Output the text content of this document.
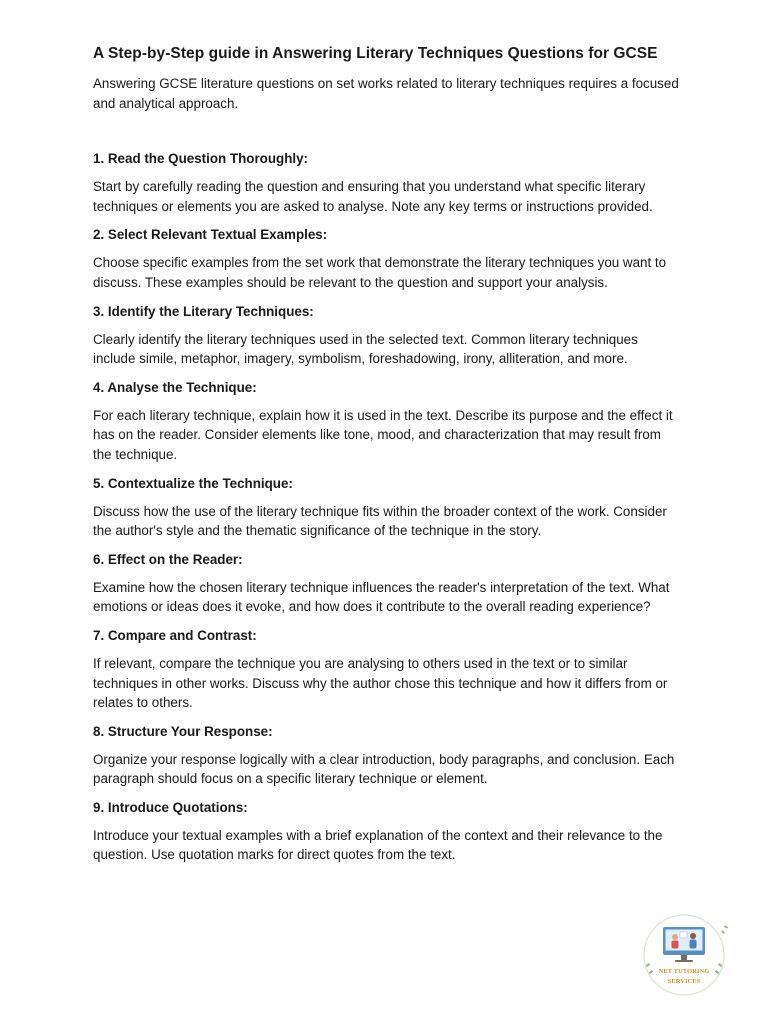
A Step-by-Step guide in Answering Literary Techniques Questions for GCSE
Answering GCSE literature questions on set works related to literary techniques requires a focused and analytical approach.
1. Read the Question Thoroughly:
Start by carefully reading the question and ensuring that you understand what specific literary techniques or elements you are asked to analyse. Note any key terms or instructions provided.
2. Select Relevant Textual Examples:
Choose specific examples from the set work that demonstrate the literary techniques you want to discuss. These examples should be relevant to the question and support your analysis.
3. Identify the Literary Techniques:
Clearly identify the literary techniques used in the selected text. Common literary techniques include simile, metaphor, imagery, symbolism, foreshadowing, irony, alliteration, and more.
4. Analyse the Technique:
For each literary technique, explain how it is used in the text. Describe its purpose and the effect it has on the reader. Consider elements like tone, mood, and characterization that may result from the technique.
5. Contextualize the Technique:
Discuss how the use of the literary technique fits within the broader context of the work. Consider the author's style and the thematic significance of the technique in the story.
6. Effect on the Reader:
Examine how the chosen literary technique influences the reader's interpretation of the text. What emotions or ideas does it evoke, and how does it contribute to the overall reading experience?
7. Compare and Contrast:
If relevant, compare the technique you are analysing to others used in the text or to similar techniques in other works. Discuss why the author chose this technique and how it differs from or relates to others.
8. Structure Your Response:
Organize your response logically with a clear introduction, body paragraphs, and conclusion. Each paragraph should focus on a specific literary technique or element.
9. Introduce Quotations:
Introduce your textual examples with a brief explanation of the context and their relevance to the question. Use quotation marks for direct quotes from the text.
NET TUTORING
SERVICES
